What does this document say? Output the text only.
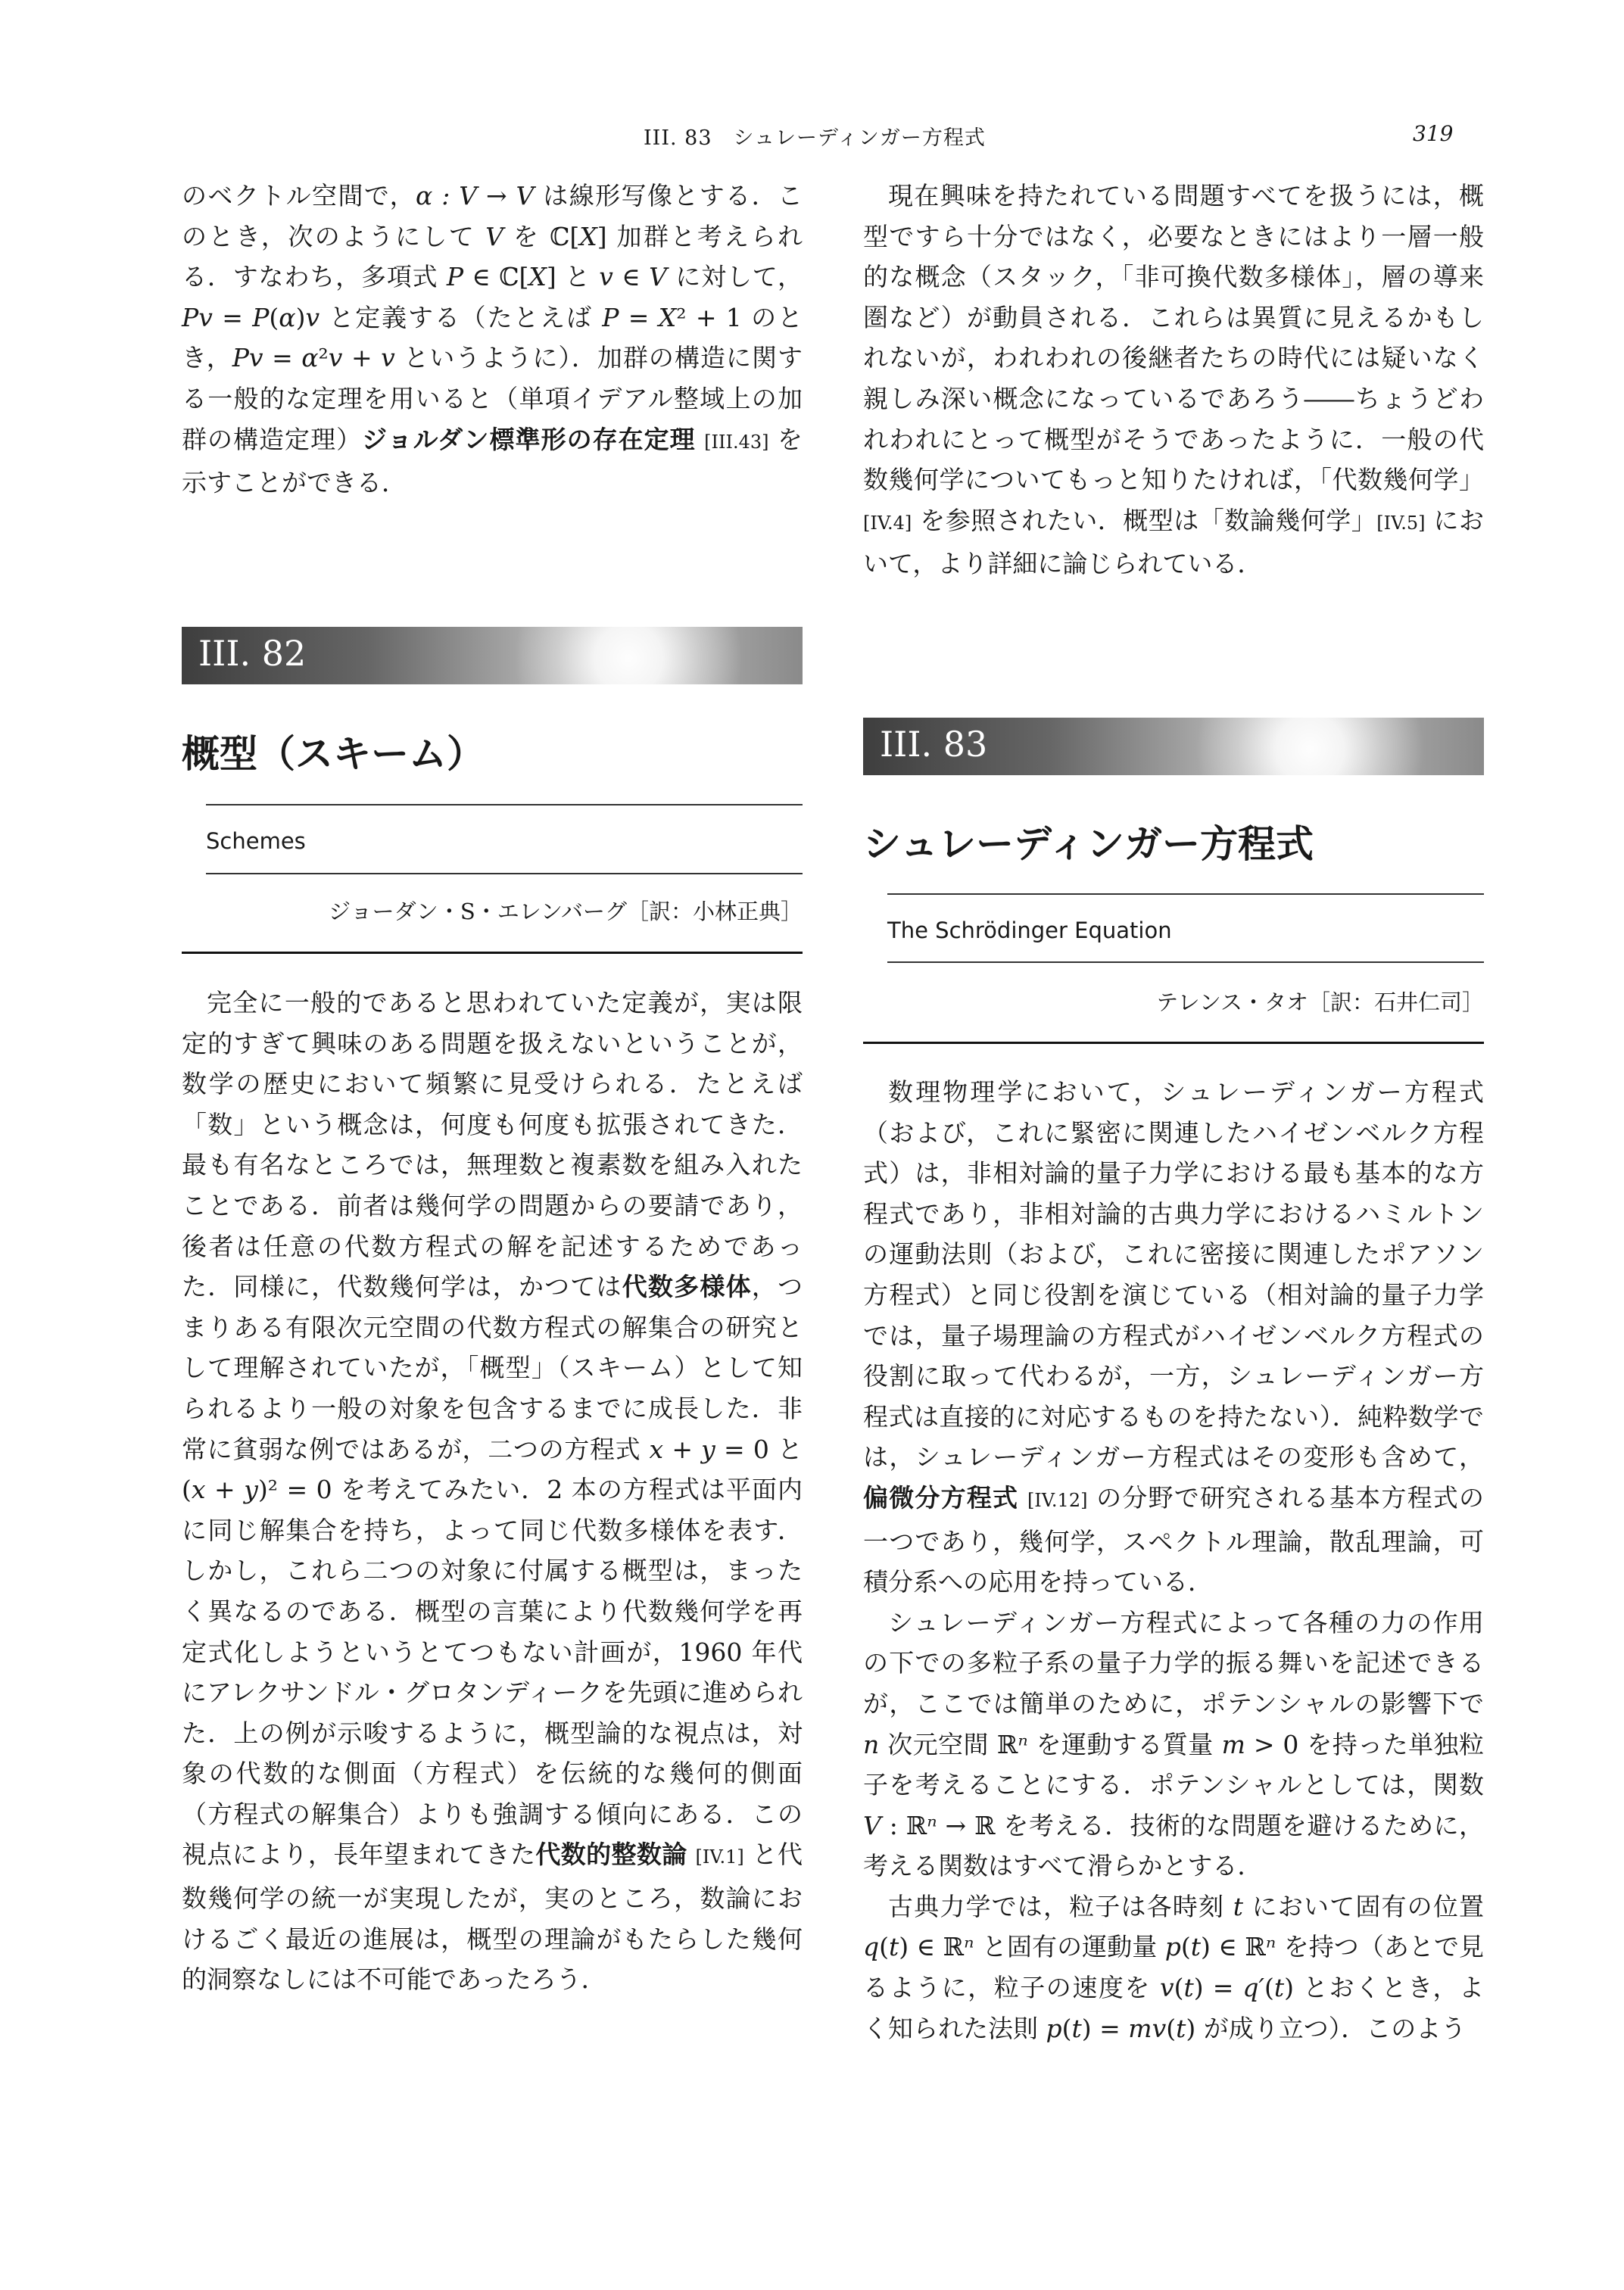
III. 83　シュレーディンガー方程式	319

のベクトル空間で，α : V → V は線形写像とする．このとき，次のようにして V を ℂ[X] 加群と考えられる．すなわち，多項式 P ∈ ℂ[X] と v ∈ V に対して，Pv = P(α)v と定義する（たとえば P = X² + 1 のとき，Pv = α²v + v というように）．加群の構造に関する一般的な定理を用いると（単項イデアル整域上の加群の構造定理）ジョルダン標準形の存在定理 [III.43] を示すことができる．

III. 82
概型（スキーム）
Schemes
ジョーダン・S・エレンバーグ［訳：小林正典］

完全に一般的であると思われていた定義が，実は限定的すぎて興味のある問題を扱えないということが，数学の歴史において頻繁に見受けられる．たとえば「数」という概念は，何度も何度も拡張されてきた．最も有名なところでは，無理数と複素数を組み入れたことである．前者は幾何学の問題からの要請であり，後者は任意の代数方程式の解を記述するためであった．同様に，代数幾何学は，かつては代数多様体，つまりある有限次元空間の代数方程式の解集合の研究として理解されていたが，「概型」（スキーム）として知られるより一般の対象を包含するまでに成長した．非常に貧弱な例ではあるが，二つの方程式 x + y = 0 と (x + y)² = 0 を考えてみたい．2 本の方程式は平面内に同じ解集合を持ち，よって同じ代数多様体を表す．しかし，これら二つの対象に付属する概型は，まったく異なるのである．概型の言葉により代数幾何学を再定式化しようというとてつもない計画が，1960 年代にアレクサンドル・グロタンディークを先頭に進められた．上の例が示唆するように，概型論的な視点は，対象の代数的な側面（方程式）を伝統的な幾何的側面（方程式の解集合）よりも強調する傾向にある．この視点により，長年望まれてきた代数的整数論 [IV.1] と代数幾何学の統一が実現したが，実のところ，数論におけるごく最近の進展は，概型の理論がもたらした幾何的洞察なしには不可能であったろう．

現在興味を持たれている問題すべてを扱うには，概型ですら十分ではなく，必要なときにはより一層一般的な概念（スタック，「非可換代数多様体」，層の導来圏など）が動員される．これらは異質に見えるかもしれないが，われわれの後継者たちの時代には疑いなく親しみ深い概念になっているであろう――ちょうどわれわれにとって概型がそうであったように．一般の代数幾何学についてもっと知りたければ，「代数幾何学」[IV.4] を参照されたい．概型は「数論幾何学」[IV.5] において，より詳細に論じられている．

III. 83
シュレーディンガー方程式
The Schrödinger Equation
テレンス・タオ［訳：石井仁司］

数理物理学において，シュレーディンガー方程式（および，これに緊密に関連したハイゼンベルク方程式）は，非相対論的量子力学における最も基本的な方程式であり，非相対論的古典力学におけるハミルトンの運動法則（および，これに密接に関連したポアソン方程式）と同じ役割を演じている（相対論的量子力学では，量子場理論の方程式がハイゼンベルク方程式の役割に取って代わるが，一方，シュレーディンガー方程式は直接的に対応するものを持たない）．純粋数学では，シュレーディンガー方程式はその変形も含めて，偏微分方程式 [IV.12] の分野で研究される基本方程式の一つであり，幾何学，スペクトル理論，散乱理論，可積分系への応用を持っている．

シュレーディンガー方程式によって各種の力の作用の下での多粒子系の量子力学的振る舞いを記述できるが，ここでは簡単のために，ポテンシャルの影響下で n 次元空間 ℝⁿ を運動する質量 m > 0 を持った単独粒子を考えることにする．ポテンシャルとしては，関数 V : ℝⁿ → ℝ を考える．技術的な問題を避けるために，考える関数はすべて滑らかとする．

古典力学では，粒子は各時刻 t において固有の位置 q(t) ∈ ℝⁿ と固有の運動量 p(t) ∈ ℝⁿ を持つ（あとで見るように，粒子の速度を v(t) = q′(t) とおくとき，よく知られた法則 p(t) = mv(t) が成り立つ）．このよう
